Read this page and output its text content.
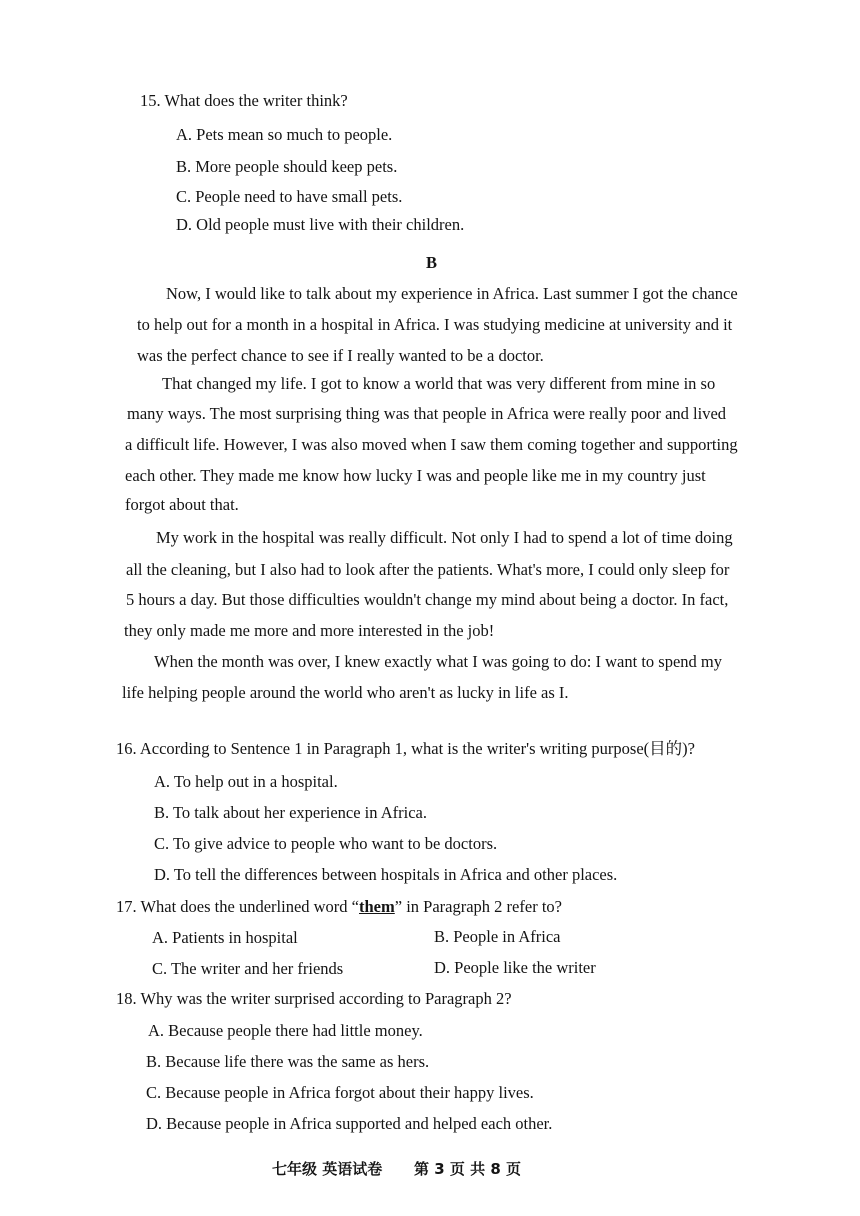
15. What does the writer think?
A. Pets mean so much to people.
B. More people should keep pets.
C. People need to have small pets.
D. Old people must live with their children.
B
Now, I would like to talk about my experience in Africa. Last summer I got the chance
to help out for a month in a hospital in Africa. I was studying medicine at university and it
was the perfect chance to see if I really wanted to be a doctor.
That changed my life. I got to know a world that was very different from mine in so
many ways. The most surprising thing was that people in Africa were really poor and lived
a difficult life. However, I was also moved when I saw them coming together and supporting
each other. They made me know how lucky I was and people like me in my country just
forgot about that.
My work in the hospital was really difficult. Not only I had to spend a lot of time doing
all the cleaning, but I also had to look after the patients. What's more, I could only sleep for
5 hours a day. But those difficulties wouldn't change my mind about being a doctor. In fact,
they only made me more and more interested in the job!
When the month was over, I knew exactly what I was going to do: I want to spend my
life helping people around the world who aren't as lucky in life as I.
16. According to Sentence 1 in Paragraph 1, what is the writer's writing purpose(目的)?
A. To help out in a hospital.
B. To talk about her experience in Africa.
C. To give advice to people who want to be doctors.
D. To tell the differences between hospitals in Africa and other places.
17. What does the underlined word “them” in Paragraph 2 refer to?
A. Patients in hospital	B. People in Africa
C. The writer and her friends	D. People like the writer
18. Why was the writer surprised according to Paragraph 2?
A. Because people there had little money.
B. Because life there was the same as hers.
C. Because people in Africa forgot about their happy lives.
D. Because people in Africa supported and helped each other.
七年级 英语试卷 第 3 页 共 8 页
